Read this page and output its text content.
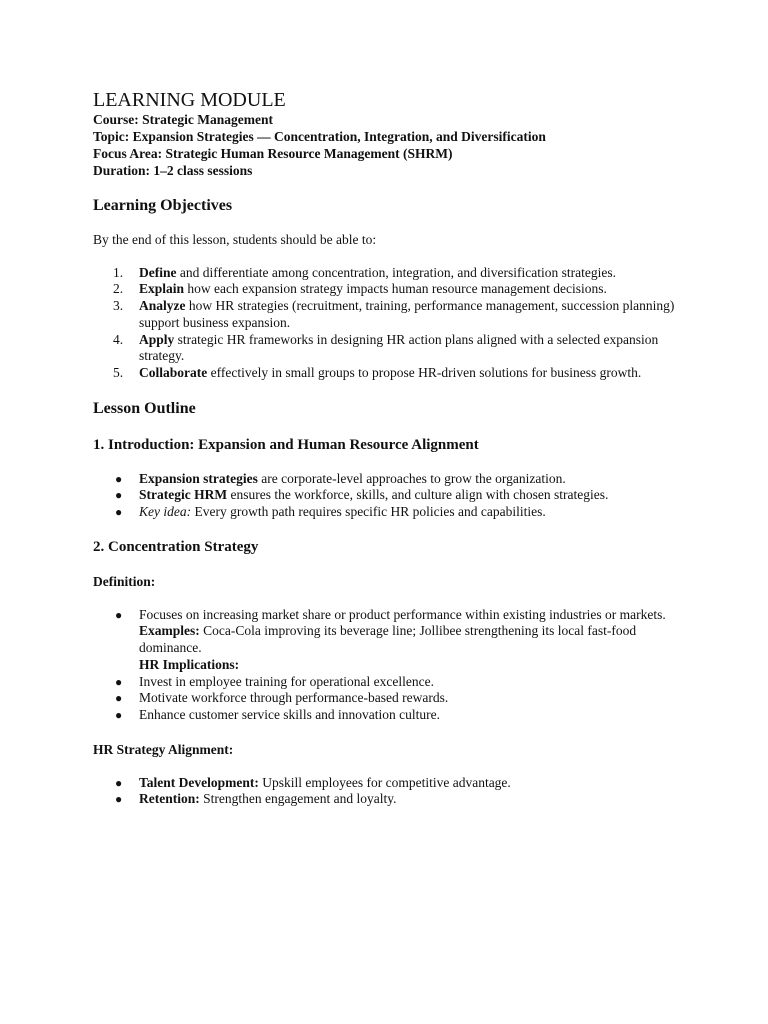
LEARNING MODULE

Course: Strategic Management

Topic: Expansion Strategies — Concentration, Integration, and Diversification

Focus Area: Strategic Human Resource Management (SHRM)

Duration: 1–2 class sessions

Learning Objectives

By the end of this lesson, students should be able to:

1.	Define and differentiate among concentration, integration, and diversification strategies.
2.	Explain how each expansion strategy impacts human resource management decisions.
3.	Analyze how HR strategies (recruitment, training, performance management, succession planning) support business expansion.
4.	Apply strategic HR frameworks in designing HR action plans aligned with a selected expansion strategy.
5.	Collaborate effectively in small groups to propose HR-driven solutions for business growth.
Lesson Outline
1. Introduction: Expansion and Human Resource Alignment
● Expansion strategies are corporate-level approaches to grow the organization.
● Strategic HRM ensures the workforce, skills, and culture align with chosen strategies.
● Key idea: Every growth path requires specific HR policies and capabilities.
2. Concentration Strategy

Definition:

● Focuses on increasing market share or product performance within existing industries or markets.
Examples: Coca-Cola improving its beverage line; Jollibee strengthening its local fast-food dominance.
HR Implications:
● Invest in employee training for operational excellence.
● Motivate workforce through performance-based rewards.
● Enhance customer service skills and innovation culture.

HR Strategy Alignment:

● Talent Development: Upskill employees for competitive advantage.
● Retention: Strengthen engagement and loyalty.
